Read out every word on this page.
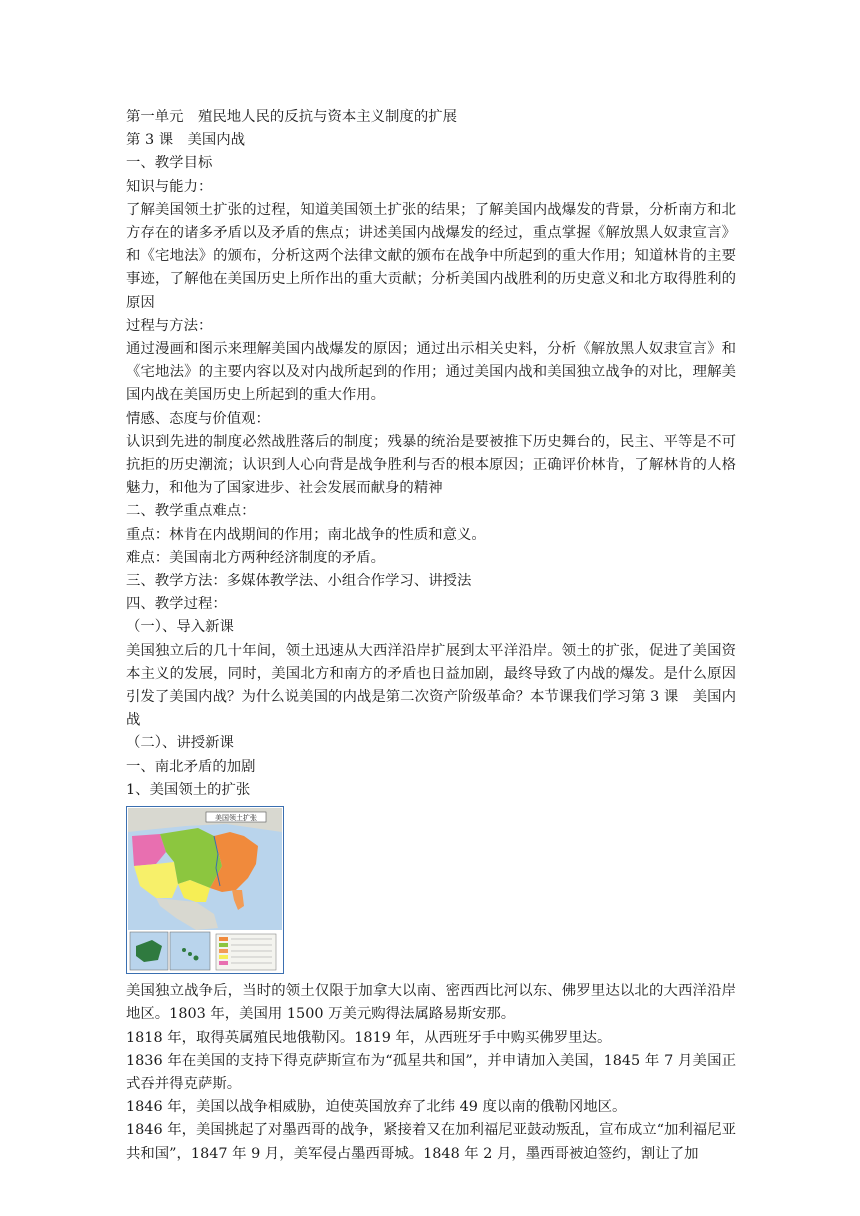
第一单元　殖民地人民的反抗与资本主义制度的扩展

第 3 课　美国内战

一、教学目标

知识与能力：

了解美国领土扩张的过程，知道美国领土扩张的结果；了解美国内战爆发的背景，分析南方和北方存在的诸多矛盾以及矛盾的焦点；讲述美国内战爆发的经过，重点掌握《解放黑人奴隶宣言》和《宅地法》的颁布，分析这两个法律文献的颁布在战争中所起到的重大作用；知道林肯的主要事迹，了解他在美国历史上所作出的重大贡献；分析美国内战胜利的历史意义和北方取得胜利的原因

过程与方法：

通过漫画和图示来理解美国内战爆发的原因；通过出示相关史料，分析《解放黑人奴隶宣言》和《宅地法》的主要内容以及对内战所起到的作用；通过美国内战和美国独立战争的对比，理解美国内战在美国历史上所起到的重大作用。

情感、态度与价值观：

认识到先进的制度必然战胜落后的制度；残暴的统治是要被推下历史舞台的，民主、平等是不可抗拒的历史潮流；认识到人心向背是战争胜利与否的根本原因；正确评价林肯，了解林肯的人格魅力，和他为了国家进步、社会发展而献身的精神

二、教学重点难点：

重点：林肯在内战期间的作用；南北战争的性质和意义。

难点：美国南北方两种经济制度的矛盾。

三、教学方法：多媒体教学法、小组合作学习、讲授法

四、教学过程：

（一）、导入新课

美国独立后的几十年间，领土迅速从大西洋沿岸扩展到太平洋沿岸。领土的扩张，促进了美国资本主义的发展，同时，美国北方和南方的矛盾也日益加剧，最终导致了内战的爆发。是什么原因引发了美国内战？为什么说美国的内战是第二次资产阶级革命？本节课我们学习第 3 课　美国内战

（二）、讲授新课

一、南北矛盾的加剧

1、美国领土的扩张

美国领土扩张

美国独立战争后，当时的领土仅限于加拿大以南、密西西比河以东、佛罗里达以北的大西洋沿岸地区。1803 年，美国用 1500 万美元购得法属路易斯安那。

1818 年，取得英属殖民地俄勒冈。1819 年，从西班牙手中购买佛罗里达。

1836 年在美国的支持下得克萨斯宣布为“孤星共和国”，并申请加入美国，1845 年 7 月美国正式吞并得克萨斯。

1846 年，美国以战争相威胁，迫使英国放弃了北纬 49 度以南的俄勒冈地区。

1846 年，美国挑起了对墨西哥的战争，紧接着又在加利福尼亚鼓动叛乱，宣布成立“加利福尼亚共和国”，1847 年 9 月，美军侵占墨西哥城。1848 年 2 月，墨西哥被迫签约，割让了加
